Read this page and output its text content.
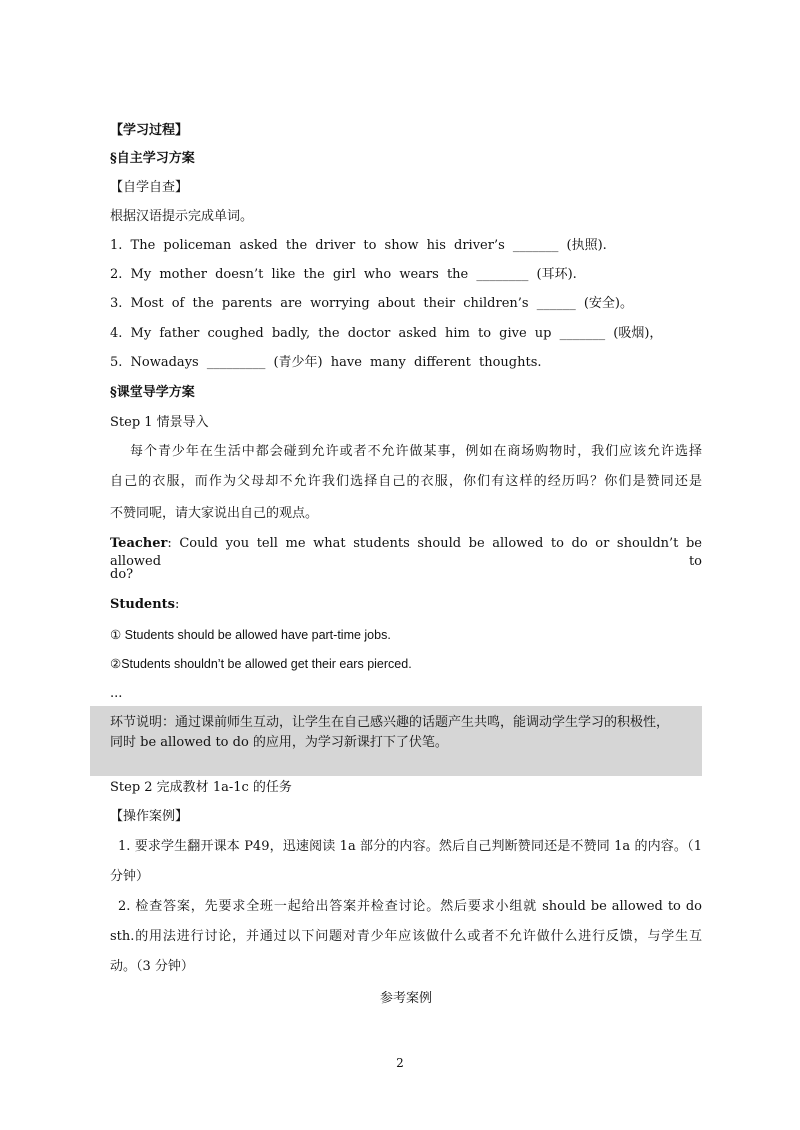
【学习过程】
§自主学习方案
【自学自查】
根据汉语提示完成单词。
1. The policeman asked the driver to show his driver’s _______ (执照).
2. My mother doesn’t like the girl who wears the ________ (耳环).
3. Most of the parents are worrying about their children’s ______ (安全)。
4. My father coughed badly, the doctor asked him to give up _______ (吸烟)，
5. Nowadays _________ (青少年) have many different thoughts.
§课堂导学方案
Step 1 情景导入
每个青少年在生活中都会碰到允许或者不允许做某事，例如在商场购物时，我们应该允许选择
自己的衣服，而作为父母却不允许我们选择自己的衣服，你们有这样的经历吗？你们是赞同还是
不赞同呢，请大家说出自己的观点。
Teacher: Could you tell me what students should be allowed to do or shouldn’t be allowed to
do?
Students:
① Students should be allowed have part-time jobs.
②Students shouldn’t be allowed get their ears pierced.
...
环节说明：通过课前师生互动，让学生在自己感兴趣的话题产生共鸣，能调动学生学习的积极性，
同时 be allowed to do 的应用，为学习新课打下了伏笔。
Step 2 完成教材 1a-1c 的任务
【操作案例】
1. 要求学生翻开课本 P49，迅速阅读 1a 部分的内容。然后自己判断赞同还是不赞同 1a 的内容。（1
分钟）
2. 检查答案，先要求全班一起给出答案并检查讨论。然后要求小组就 should be allowed to do
sth.的用法进行讨论，并通过以下问题对青少年应该做什么或者不允许做什么进行反馈，与学生互
动。（3 分钟）
参考案例
2
